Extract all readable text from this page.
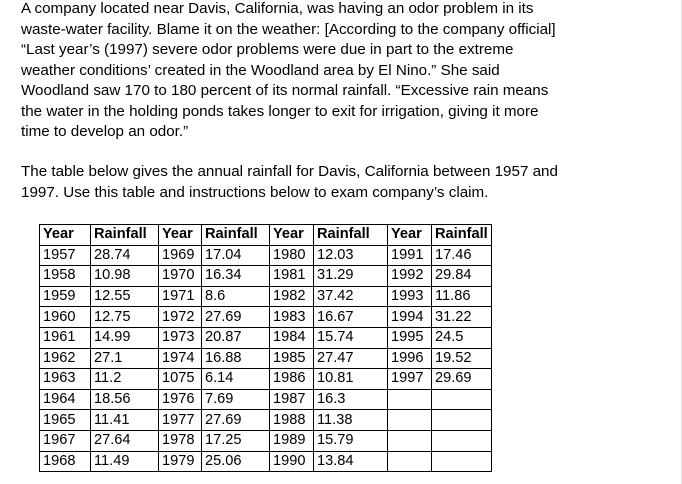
A company located near Davis, California, was having an odor problem in its
waste-water facility. Blame it on the weather: [According to the company official]
“Last year’s (1997) severe odor problems were due in part to the extreme
weather conditions’ created in the Woodland area by El Nino.” She said
Woodland saw 170 to 180 percent of its normal rainfall. “Excessive rain means
the water in the holding ponds takes longer to exit for irrigation, giving it more
time to develop an odor.”

The table below gives the annual rainfall for Davis, California between 1957 and
1997. Use this table and instructions below to exam company’s claim.

Year	Rainfall	Year	Rainfall	Year	Rainfall	Year	Rainfall
1957	28.74	1969	17.04	1980	12.03	1991	17.46
1958	10.98	1970	16.34	1981	31.29	1992	29.84
1959	12.55	1971	8.6	1982	37.42	1993	11.86
1960	12.75	1972	27.69	1983	16.67	1994	31.22
1961	14.99	1973	20.87	1984	15.74	1995	24.5
1962	27.1	1974	16.88	1985	27.47	1996	19.52
1963	11.2	1075	6.14	1986	10.81	1997	29.69
1964	18.56	1976	7.69	1987	16.3		
1965	11.41	1977	27.69	1988	11.38		
1967	27.64	1978	17.25	1989	15.79		
1968	11.49	1979	25.06	1990	13.84		
